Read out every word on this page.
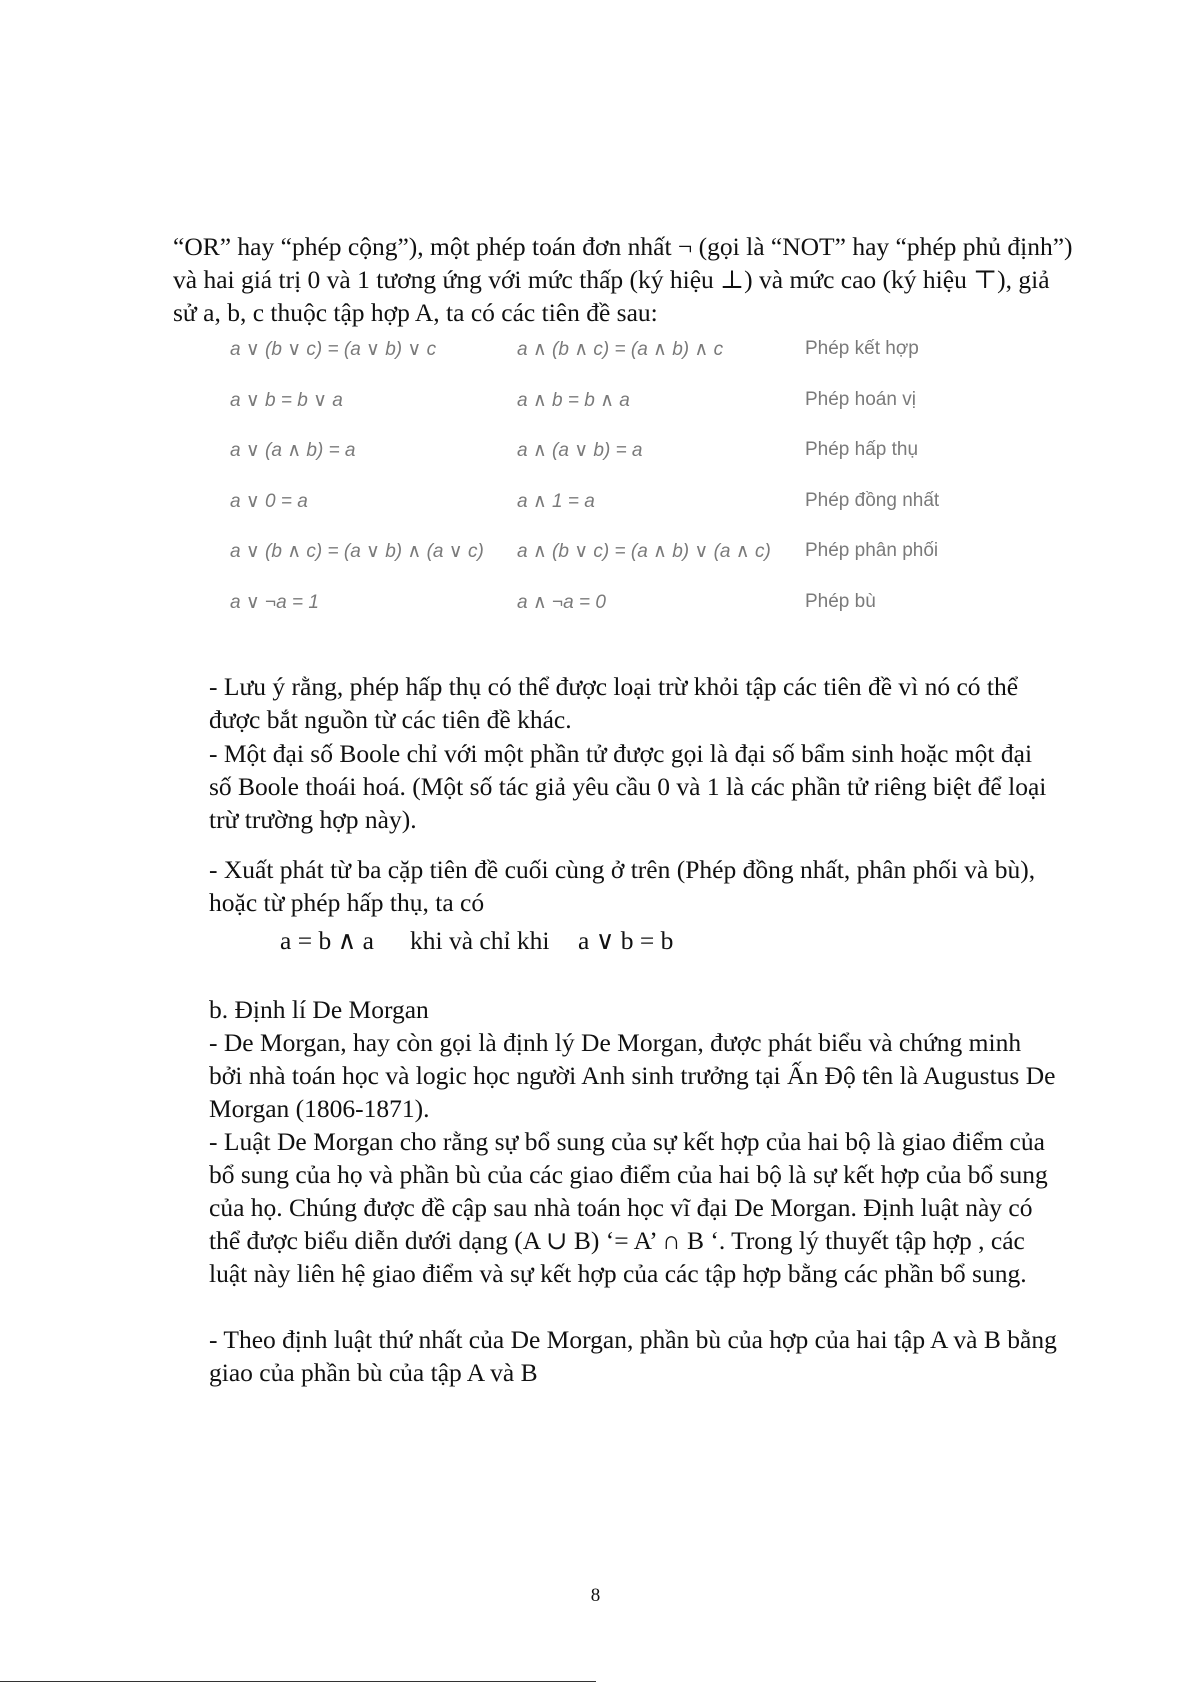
“OR” hay “phép cộng”), một phép toán đơn nhất ¬ (gọi là “NOT” hay “phép phủ định”) và hai giá trị 0 và 1 tương ứng với mức thấp (ký hiệu ⊥) và mức cao (ký hiệu ⊤), giả sử a, b, c thuộc tập hợp A, ta có các tiên đề sau:

a ∨ (b ∨ c) = (a ∨ b) ∨ c	a ∧ (b ∧ c) = (a ∧ b) ∧ c	Phép kết hợp
a ∨ b = b ∨ a	a ∧ b = b ∧ a	Phép hoán vị
a ∨ (a ∧ b) = a	a ∧ (a ∨ b) = a	Phép hấp thụ
a ∨ 0 = a	a ∧ 1 = a	Phép đồng nhất
a ∨ (b ∧ c) = (a ∨ b) ∧ (a ∨ c)	a ∧ (b ∨ c) = (a ∧ b) ∨ (a ∧ c)	Phép phân phối
a ∨ ¬a = 1	a ∧ ¬a = 0	Phép bù

- Lưu ý rằng, phép hấp thụ có thể được loại trừ khỏi tập các tiên đề vì nó có thể được bắt nguồn từ các tiên đề khác.

- Một đại số Boole chỉ với một phần tử được gọi là đại số bẩm sinh hoặc một đại số Boole thoái hoá. (Một số tác giả yêu cầu 0 và 1 là các phần tử riêng biệt để loại trừ trường hợp này).

- Xuất phát từ ba cặp tiên đề cuối cùng ở trên (Phép đồng nhất, phân phối và bù), hoặc từ phép hấp thụ, ta có

a = b ∧ a khi và chỉ khi a ∨ b = b

b. Định lí De Morgan

- De Morgan, hay còn gọi là định lý De Morgan, được phát biểu và chứng minh bởi nhà toán học và logic học người Anh sinh trưởng tại Ấn Độ tên là Augustus De Morgan (1806-1871).

- Luật De Morgan cho rằng sự bổ sung của sự kết hợp của hai bộ là giao điểm của bổ sung của họ và phần bù của các giao điểm của hai bộ là sự kết hợp của bổ sung của họ. Chúng được đề cập sau nhà toán học vĩ đại De Morgan. Định luật này có thể được biểu diễn dưới dạng (A ∪ B) ‘= A’ ∩ B ‘. Trong lý thuyết tập hợp , các luật này liên hệ giao điểm và sự kết hợp của các tập hợp bằng các phần bổ sung.

- Theo định luật thứ nhất của De Morgan, phần bù của hợp của hai tập A và B bằng giao của phần bù của tập A và B

8
